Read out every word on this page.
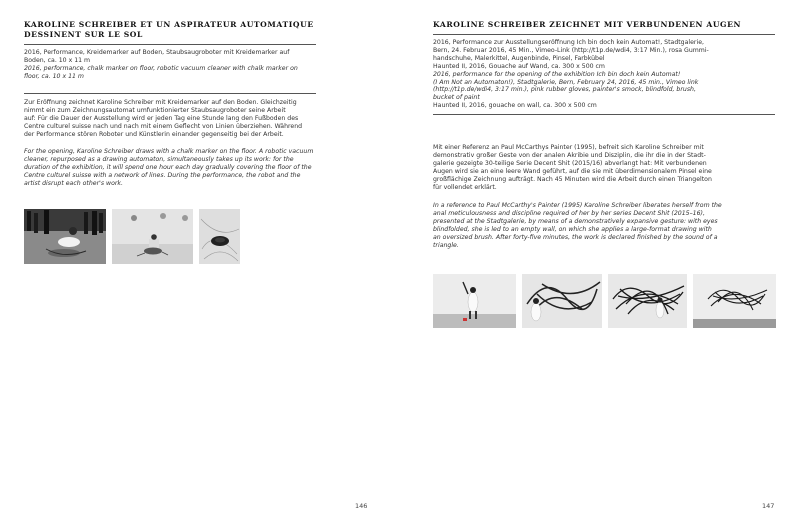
KAROLINE SCHREIBER ET UN ASPIRATEUR AUTOMATIQUE
DESSINENT SUR LE SOL

2016, Performance, Kreidemarker auf Boden, Staubsaugroboter mit Kreidemarker auf

Boden, ca. 10 x 11 m

2016, performance, chalk marker on floor, robotic vacuum cleaner with chalk marker on

floor, ca. 10 x 11 m

Zur Eröffnung zeichnet Karoline Schreiber mit Kreidemarker auf den Boden. Gleichzeitig

nimmt ein zum Zeichnungsautomat umfunktionierter Staubsaugroboter seine Arbeit

auf: Für die Dauer der Ausstellung wird er jeden Tag eine Stunde lang den Fußboden des

Centre culturel suisse nach und nach mit einem Geflecht von Linien überziehen. Während

der Performance stören Roboter und Künstlerin einander gegenseitig bei der Arbeit.

For the opening, Karoline Schreiber draws with a chalk marker on the floor. A robotic vacuum

cleaner, repurposed as a drawing automaton, simultaneously takes up its work: for the

duration of the exhibition, it will spend one hour each day gradually covering the floor of the

Centre culturel suisse with a network of lines. During the performance, the robot and the

artist disrupt each other's work.

146
KAROLINE SCHREIBER ZEICHNET MIT VERBUNDENEN AUGEN

2016, Performance zur Ausstellungseröffnung Ich bin doch kein Automat!, Stadtgalerie,

Bern, 24. Februar 2016, 45 Min., Vimeo-Link (http://t1p.de/wdi4, 3:17 Min.), rosa Gummi-

handschuhe, Malerkittel, Augenbinde, Pinsel, Farbkübel

Haunted II, 2016, Gouache auf Wand, ca. 300 x 500 cm

2016, performance for the opening of the exhibition Ich bin doch kein Automat!

(I Am Not an Automaton!), Stadtgalerie, Bern, February 24, 2016, 45 min., Vimeo link

(http://t1p.de/wdi4, 3:17 min.), pink rubber gloves, painter's smock, blindfold, brush,

bucket of paint

Haunted II, 2016, gouache on wall, ca. 300 x 500 cm

Mit einer Referenz an Paul McCarthys Painter (1995), befreit sich Karoline Schreiber mit

demonstrativ großer Geste von der analen Akribie und Disziplin, die ihr die in der Stadt-

galerie gezeigte 30-teilige Serie Decent Shit (2015/16) abverlangt hat: Mit verbundenen

Augen wird sie an eine leere Wand geführt, auf die sie mit überdimensionalem Pinsel eine

großflächige Zeichnung aufträgt. Nach 45 Minuten wird die Arbeit durch einen Triangelton

für vollendet erklärt.

In a reference to Paul McCarthy's Painter (1995) Karoline Schreiber liberates herself from the

anal meticulousness and discipline required of her by her series Decent Shit (2015–16),

presented at the Stadtgalerie, by means of a demonstratively expansive gesture: with eyes

blindfolded, she is led to an empty wall, on which she applies a large-format drawing with

an oversized brush. After forty-five minutes, the work is declared finished by the sound of a

triangle.

147
